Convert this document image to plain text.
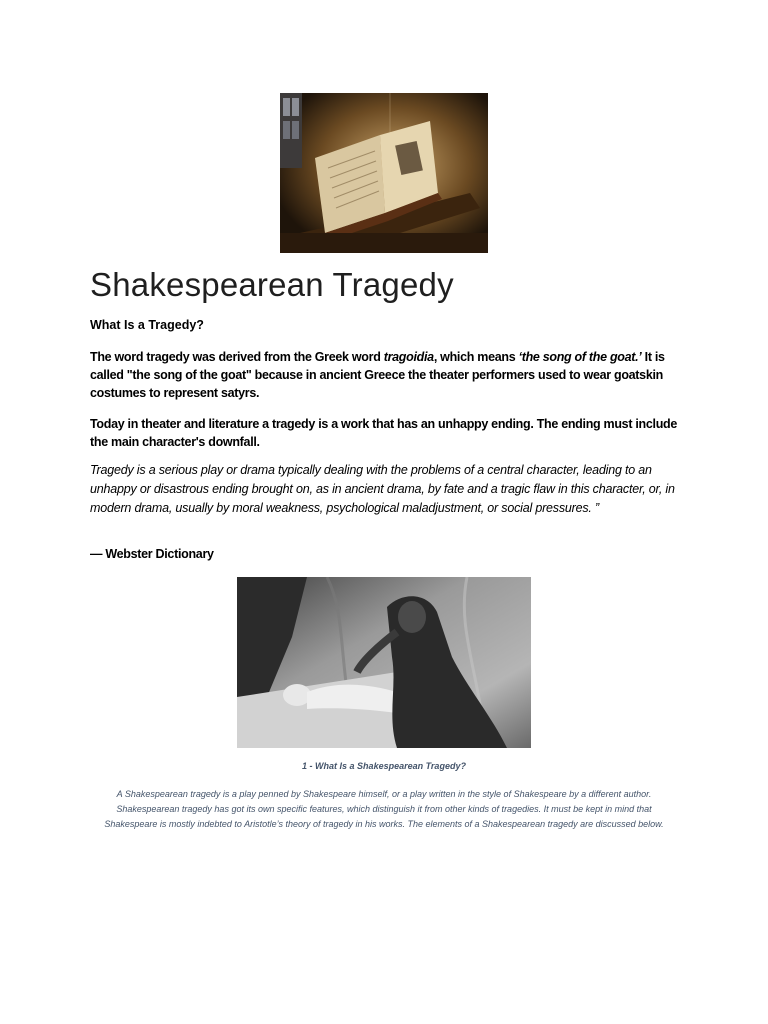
Shakespearean Tragedy

What Is a Tragedy?

The word tragedy was derived from the Greek word tragoidia, which means ‘the song of the goat.’ It is called "the song of the goat" because in ancient Greece the theater performers used to wear goatskin costumes to represent satyrs.

Today in theater and literature a tragedy is a work that has an unhappy ending. The ending must include the main character's downfall.

Tragedy is a serious play or drama typically dealing with the problems of a central character, leading to an unhappy or disastrous ending brought on, as in ancient drama, by fate and a tragic flaw in this character, or, in modern drama, usually by moral weakness, psychological maladjustment, or social pressures. ”

— Webster Dictionary

1 - What Is a Shakespearean Tragedy?

A Shakespearean tragedy is a play penned by Shakespeare himself, or a play written in the style of Shakespeare by a different author. Shakespearean tragedy has got its own specific features, which distinguish it from other kinds of tragedies. It must be kept in mind that Shakespeare is mostly indebted to Aristotle’s theory of tragedy in his works. The elements of a Shakespearean tragedy are discussed below.
